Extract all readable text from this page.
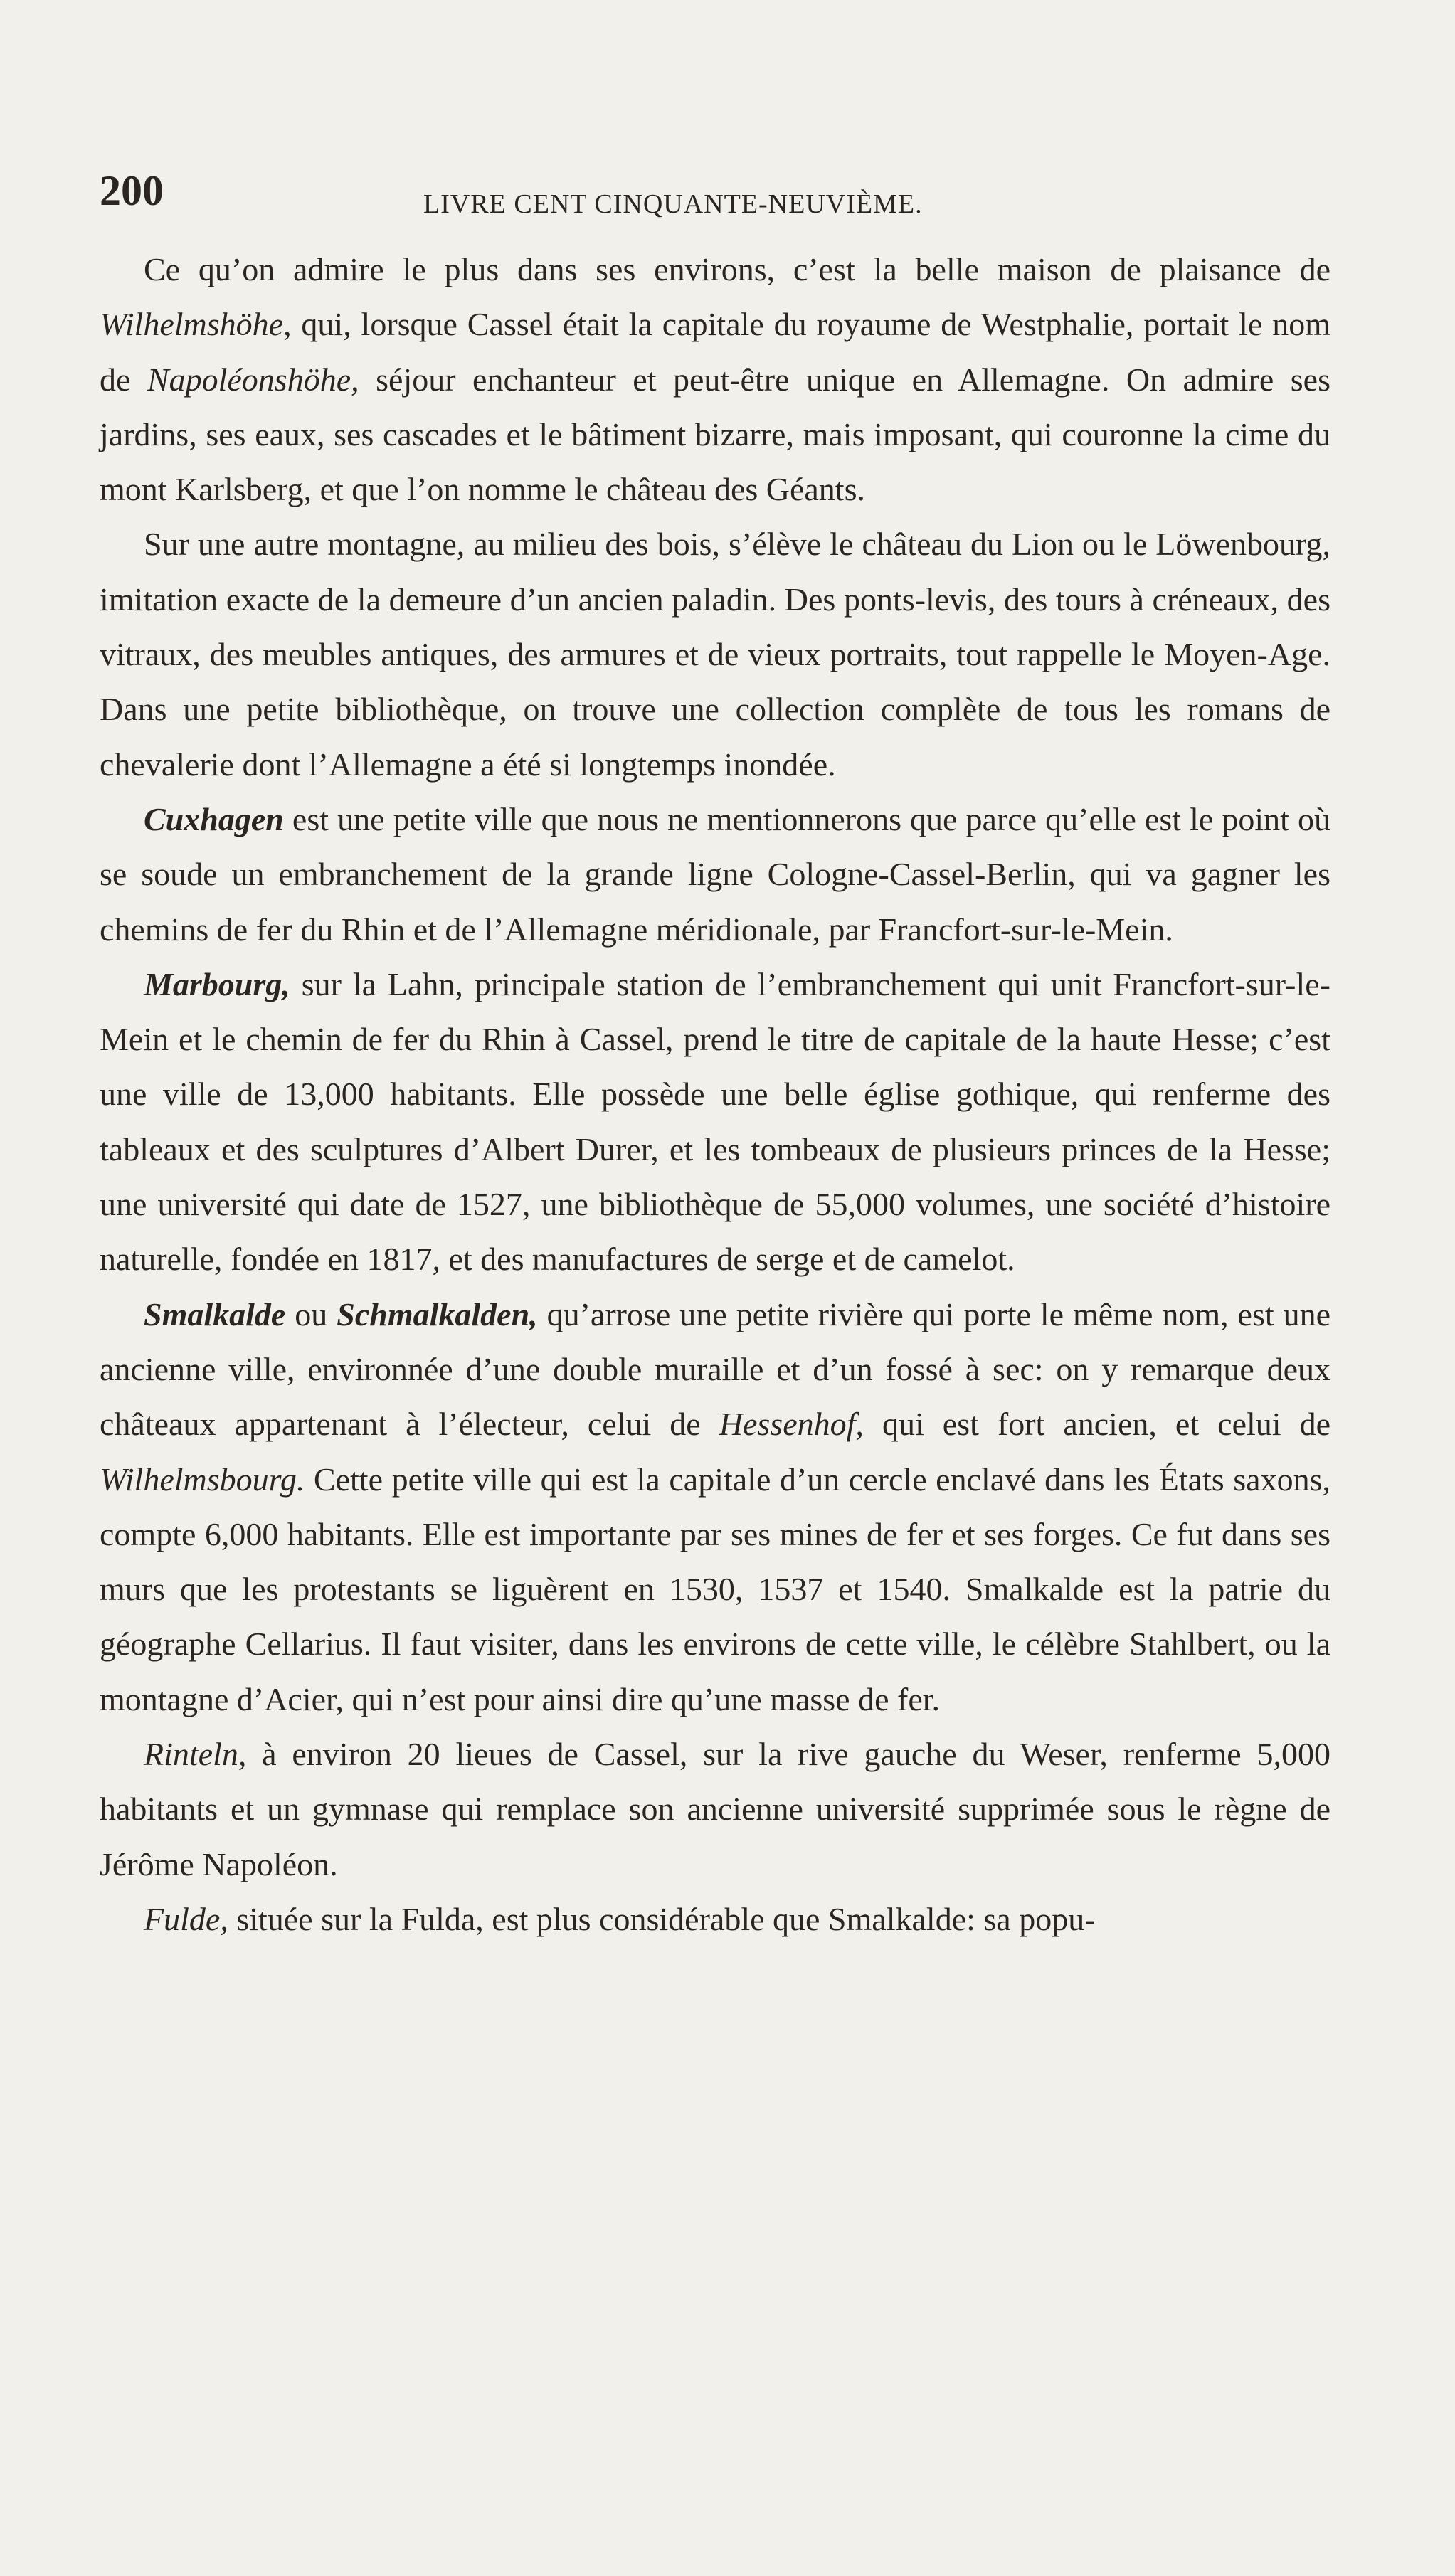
200	LIVRE CENT CINQUANTE-NEUVIÈME.

Ce qu’on admire le plus dans ses environs, c’est la belle maison de plaisance de Wilhelmshöhe, qui, lorsque Cassel était la capitale du royaume de Westphalie, portait le nom de Napoléonshöhe, séjour enchanteur et peut-être unique en Allemagne. On admire ses jardins, ses eaux, ses cascades et le bâtiment bizarre, mais imposant, qui couronne la cime du mont Karlsberg, et que l’on nomme le château des Géants.

Sur une autre montagne, au milieu des bois, s’élève le château du Lion ou le Löwenbourg, imitation exacte de la demeure d’un ancien paladin. Des ponts-levis, des tours à créneaux, des vitraux, des meubles antiques, des armures et de vieux portraits, tout rappelle le Moyen-Age. Dans une petite bibliothèque, on trouve une collection complète de tous les romans de chevalerie dont l’Allemagne a été si longtemps inondée.

Cuxhagen est une petite ville que nous ne mentionnerons que parce qu’elle est le point où se soude un embranchement de la grande ligne Cologne-Cassel-Berlin, qui va gagner les chemins de fer du Rhin et de l’Allemagne méridionale, par Francfort-sur-le-Mein.

Marbourg, sur la Lahn, principale station de l’embranchement qui unit Francfort-sur-le-Mein et le chemin de fer du Rhin à Cassel, prend le titre de capitale de la haute Hesse; c’est une ville de 13,000 habitants. Elle possède une belle église gothique, qui renferme des tableaux et des sculptures d’Albert Durer, et les tombeaux de plusieurs princes de la Hesse; une université qui date de 1527, une bibliothèque de 55,000 volumes, une société d’histoire naturelle, fondée en 1817, et des manufactures de serge et de camelot.

Smalkalde ou Schmalkalden, qu’arrose une petite rivière qui porte le même nom, est une ancienne ville, environnée d’une double muraille et d’un fossé à sec: on y remarque deux châteaux appartenant à l’électeur, celui de Hessenhof, qui est fort ancien, et celui de Wilhelmsbourg. Cette petite ville qui est la capitale d’un cercle enclavé dans les États saxons, compte 6,000 habitants. Elle est importante par ses mines de fer et ses forges. Ce fut dans ses murs que les protestants se liguèrent en 1530, 1537 et 1540. Smalkalde est la patrie du géographe Cellarius. Il faut visiter, dans les environs de cette ville, le célèbre Stahlbert, ou la montagne d’Acier, qui n’est pour ainsi dire qu’une masse de fer.

Rinteln, à environ 20 lieues de Cassel, sur la rive gauche du Weser, renferme 5,000 habitants et un gymnase qui remplace son ancienne université supprimée sous le règne de Jérôme Napoléon.

Fulde, située sur la Fulda, est plus considérable que Smalkalde: sa popu-
